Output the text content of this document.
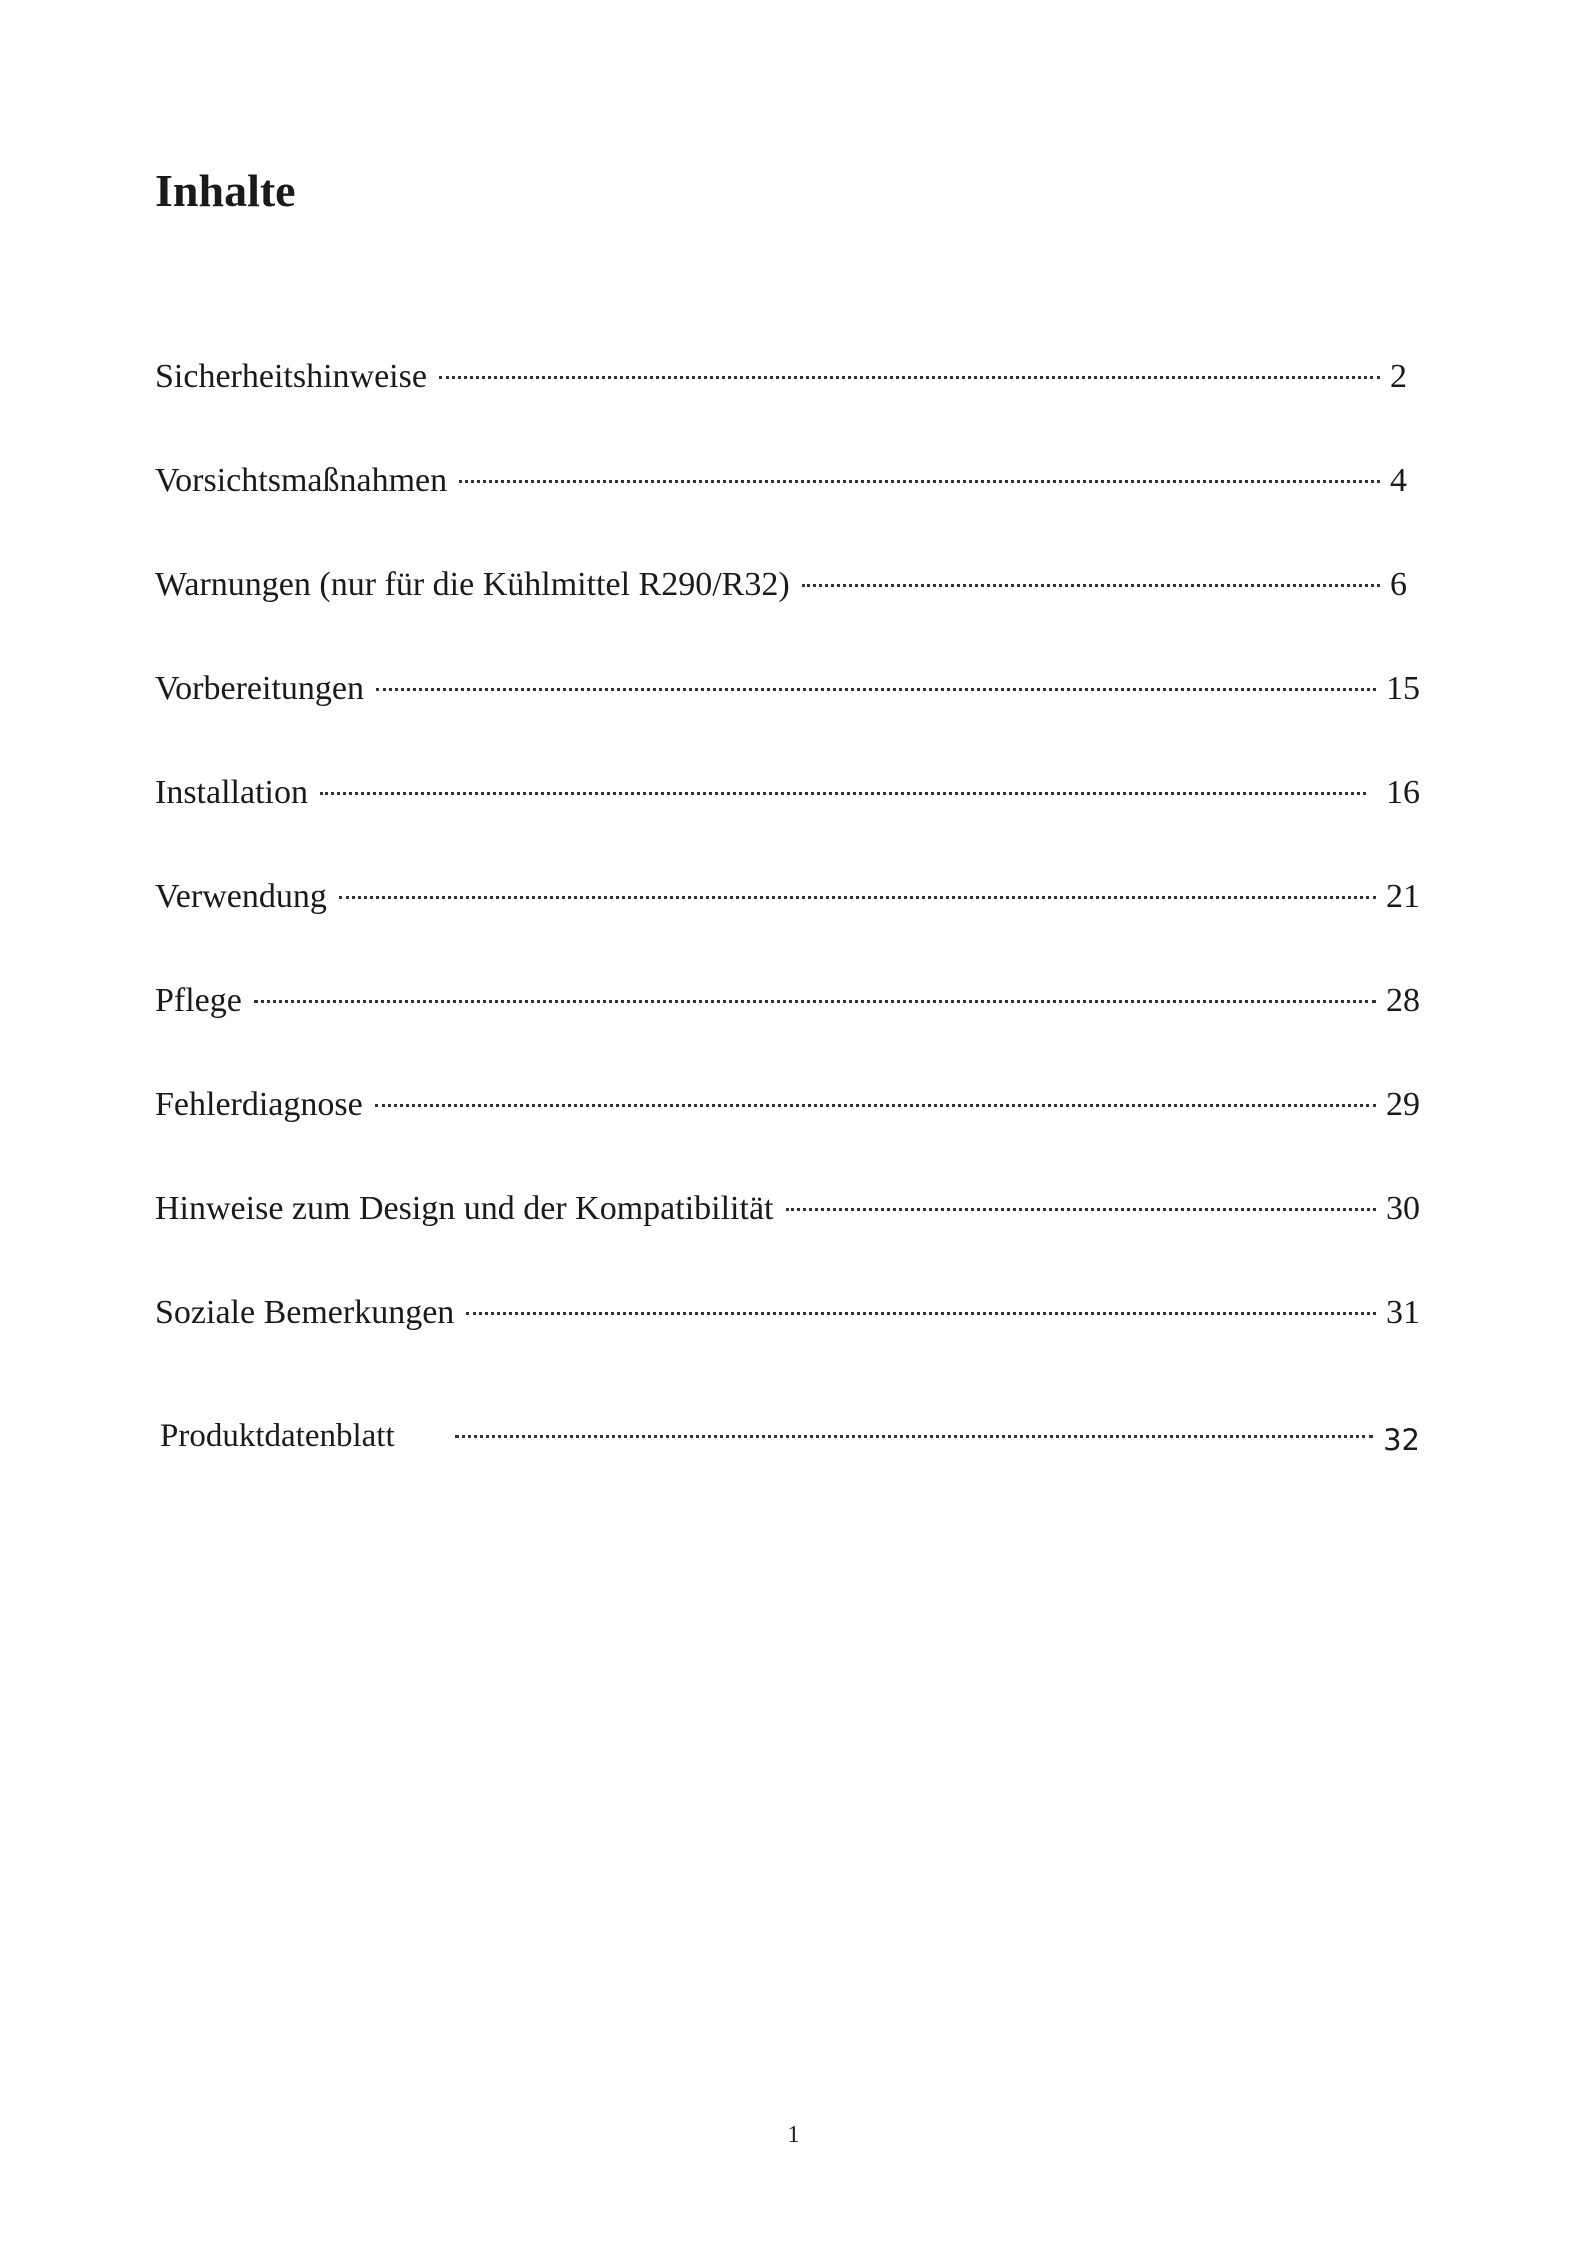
Inhalte
Sicherheitshinweise	2
Vorsichtsmaßnahmen	4
Warnungen (nur für die Kühlmittel R290/R32)	6
Vorbereitungen	15
Installation	16
Verwendung	21
Pflege	28
Fehlerdiagnose	29
Hinweise zum Design und der Kompatibilität	30
Soziale Bemerkungen	31
Produktdatenblatt	32
1
